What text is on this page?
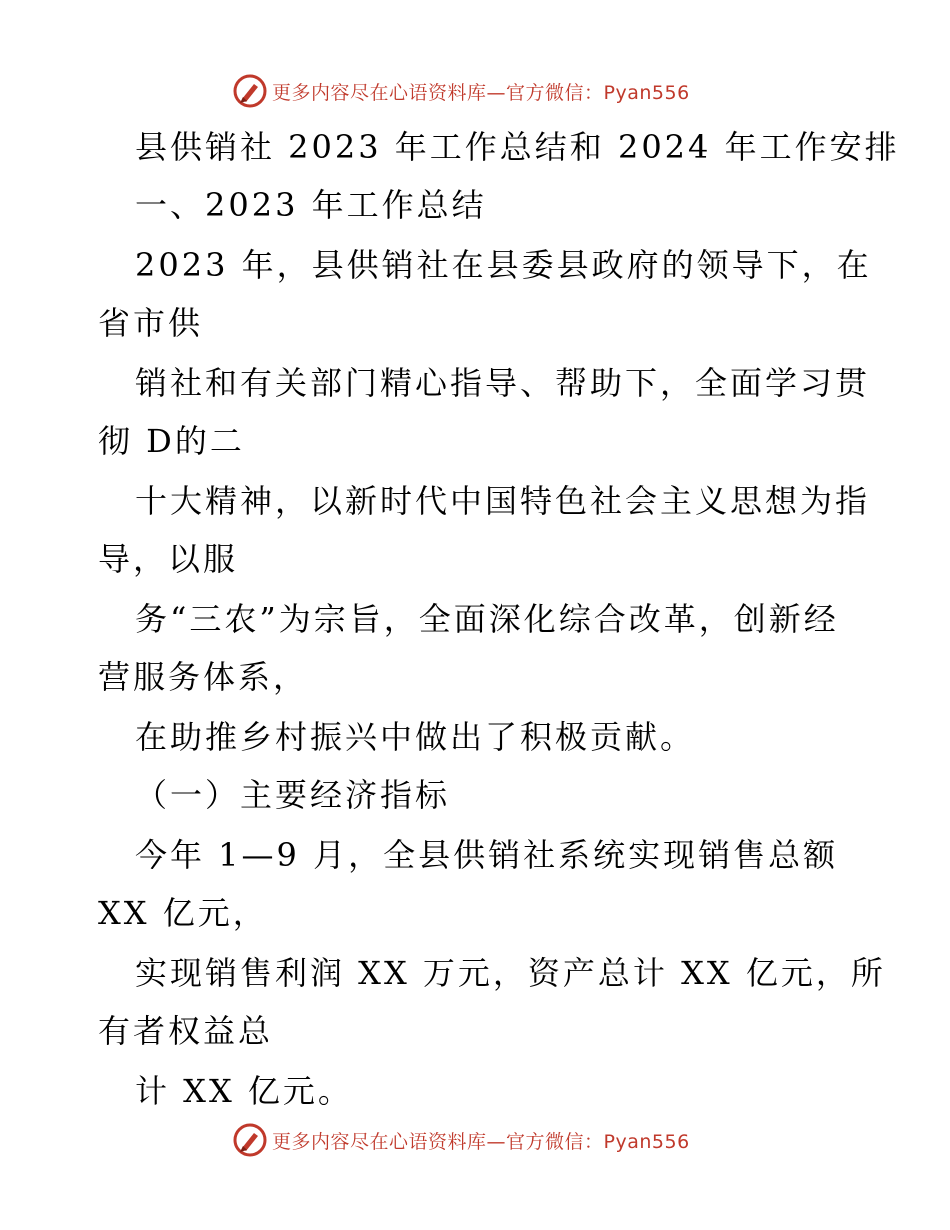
更多内容尽在心语资料库—官方微信：Pyan556
县供销社 2023 年工作总结和 2024 年工作安排
一、2023 年工作总结
2023 年，县供销社在县委县政府的领导下，在
省市供
销社和有关部门精心指导、帮助下，全面学习贯
彻 D的二
十大精神，以新时代中国特色社会主义思想为指
导，以服
务“三农”为宗旨，全面深化综合改革，创新经
营服务体系，
在助推乡村振兴中做出了积极贡献。
（一）主要经济指标
今年 1—9 月，全县供销社系统实现销售总额
XX 亿元，
实现销售利润 XX 万元，资产总计 XX 亿元，所
有者权益总
计 XX 亿元。
更多内容尽在心语资料库—官方微信：Pyan556
